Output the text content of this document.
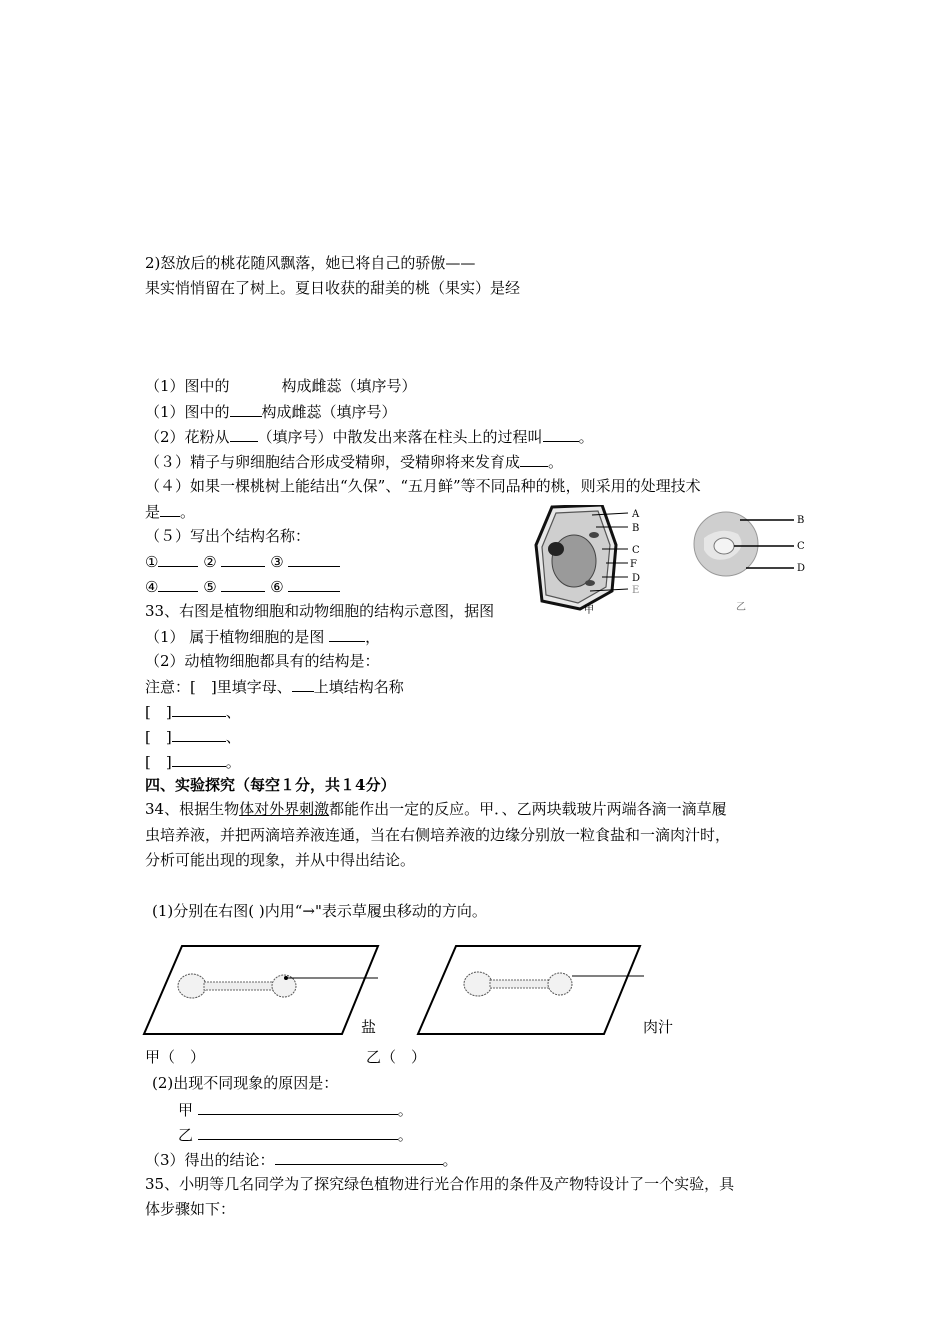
2)怒放后的桃花随风飘落，她已将自己的骄傲——
果实悄悄留在了树上。夏日收获的甜美的桃（果实）是经
（1）图中的	构成雌蕊（填序号）
（1）图中的 构成雌蕊（填序号）
（2）花粉从 （填序号）中散发出来落在柱头上的过程叫 。
（３）精子与卵细胞结合形成受精卵，受精卵将来发育成 。
（４）如果一棵桃树上能结出“久保”、“五月鲜”等不同品种的桃，则采用的处理技术
是 。
（５）写出个结构名称：
①	②	③
④	⑤	⑥
A
B
C
F
D
E
甲
B
C
D
乙
33、右图是植物细胞和动物细胞的结构示意图，据图
（1） 属于植物细胞的是图	，
（2）动植物细胞都具有的结构是：
注意：[　]里填字母、 上填结构名称
[　]	、
[　]	、
[　]	。
四、实验探究（每空１分，共１4分）
34、根据生物体对外界刺激都能作出一定的反应。甲．、乙两块载玻片两端各滴一滴草履
虫培养液，并把两滴培养液连通，当在右侧培养液的边缘分别放一粒食盐和一滴肉汁时，
分析可能出现的现象，并从中得出结论。
(1)分别在右图( )内用“→"表示草履虫移动的方向。
盐	肉汁
甲（　）	乙（　）
(2)出现不同现象的原因是：
甲	。
乙	。
（3）得出的结论：	。
35、小明等几名同学为了探究绿色植物进行光合作用的条件及产物特设计了一个实验，具
体步骤如下：
